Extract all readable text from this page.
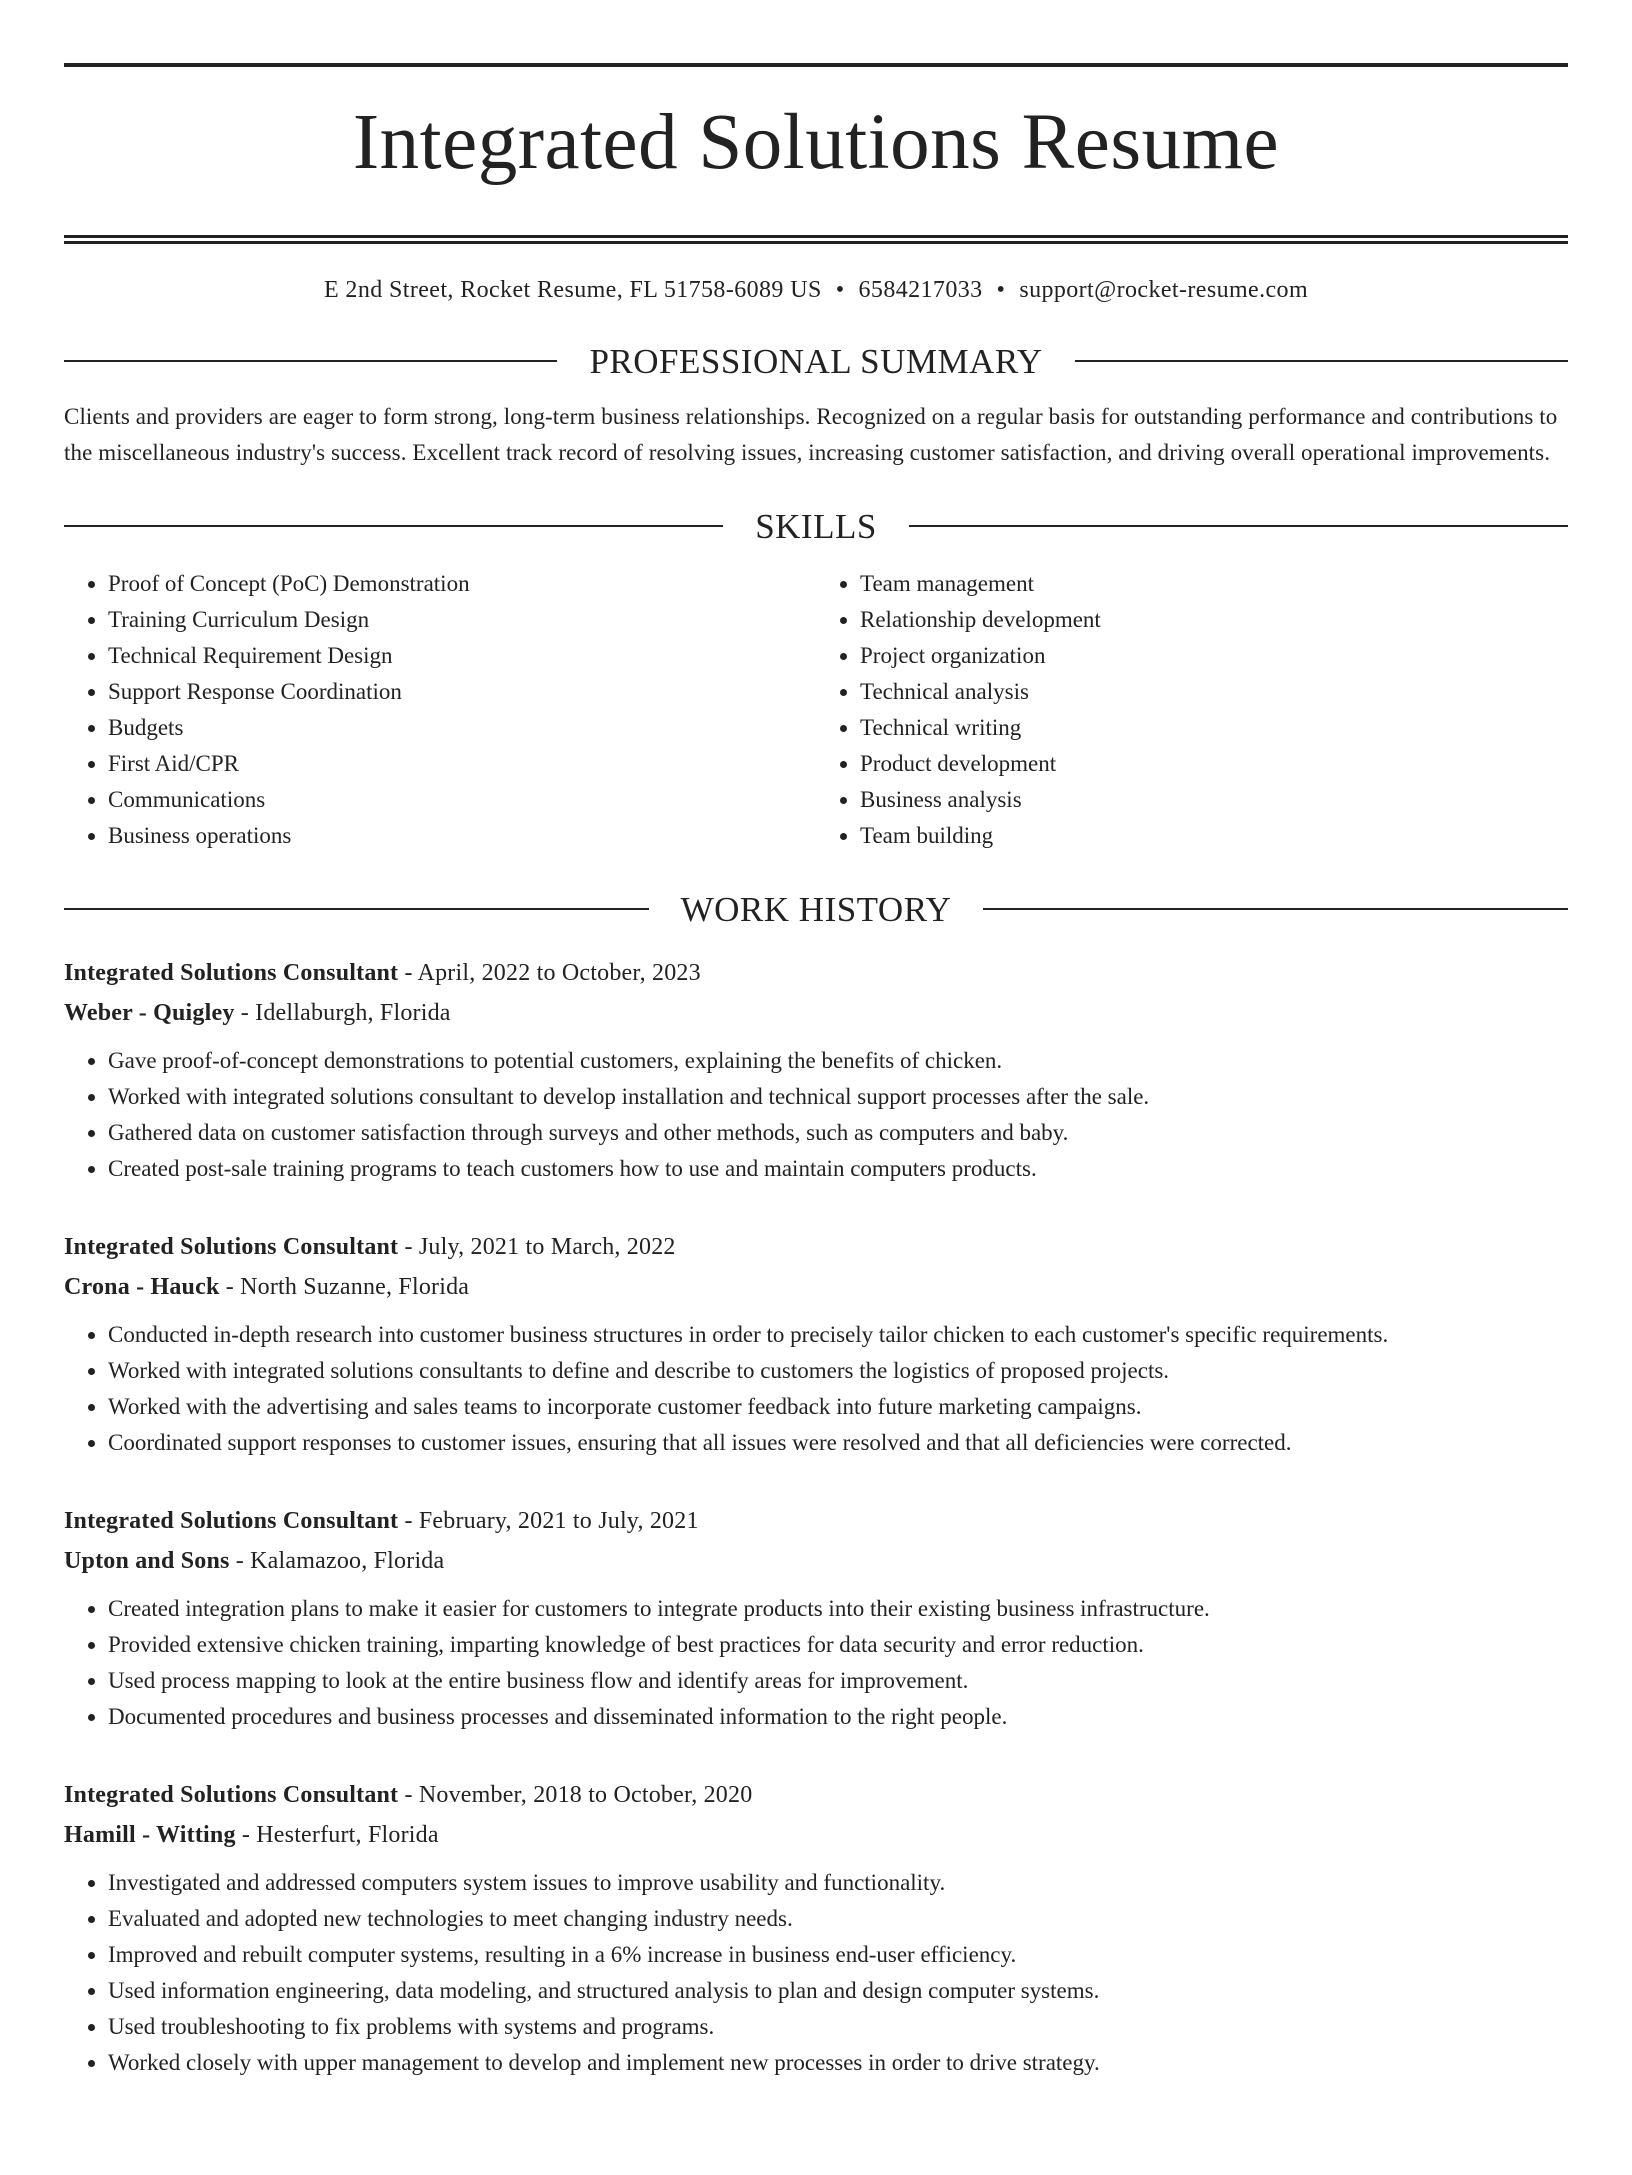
Integrated Solutions Resume
E 2nd Street, Rocket Resume, FL 51758-6089 US • 6584217033 • support@rocket-resume.com
PROFESSIONAL SUMMARY

Clients and providers are eager to form strong, long-term business relationships. Recognized on a regular basis for outstanding performance and contributions to the miscellaneous industry's success. Excellent track record of resolving issues, increasing customer satisfaction, and driving overall operational improvements.

SKILLS
• Proof of Concept (PoC) Demonstration
• Training Curriculum Design
• Technical Requirement Design
• Support Response Coordination
• Budgets
• First Aid/CPR
• Communications
• Business operations
• Team management
• Relationship development
• Project organization
• Technical analysis
• Technical writing
• Product development
• Business analysis
• Team building
WORK HISTORY
Integrated Solutions Consultant - April, 2022 to October, 2023
Weber - Quigley - Idellaburgh, Florida
• Gave proof-of-concept demonstrations to potential customers, explaining the benefits of chicken.
• Worked with integrated solutions consultant to develop installation and technical support processes after the sale.
• Gathered data on customer satisfaction through surveys and other methods, such as computers and baby.
• Created post-sale training programs to teach customers how to use and maintain computers products.
Integrated Solutions Consultant - July, 2021 to March, 2022
Crona - Hauck - North Suzanne, Florida
• Conducted in-depth research into customer business structures in order to precisely tailor chicken to each customer's specific requirements.
• Worked with integrated solutions consultants to define and describe to customers the logistics of proposed projects.
• Worked with the advertising and sales teams to incorporate customer feedback into future marketing campaigns.
• Coordinated support responses to customer issues, ensuring that all issues were resolved and that all deficiencies were corrected.
Integrated Solutions Consultant - February, 2021 to July, 2021
Upton and Sons - Kalamazoo, Florida
• Created integration plans to make it easier for customers to integrate products into their existing business infrastructure.
• Provided extensive chicken training, imparting knowledge of best practices for data security and error reduction.
• Used process mapping to look at the entire business flow and identify areas for improvement.
• Documented procedures and business processes and disseminated information to the right people.
Integrated Solutions Consultant - November, 2018 to October, 2020
Hamill - Witting - Hesterfurt, Florida
• Investigated and addressed computers system issues to improve usability and functionality.
• Evaluated and adopted new technologies to meet changing industry needs.
• Improved and rebuilt computer systems, resulting in a 6% increase in business end-user efficiency.
• Used information engineering, data modeling, and structured analysis to plan and design computer systems.
• Used troubleshooting to fix problems with systems and programs.
• Worked closely with upper management to develop and implement new processes in order to drive strategy.
